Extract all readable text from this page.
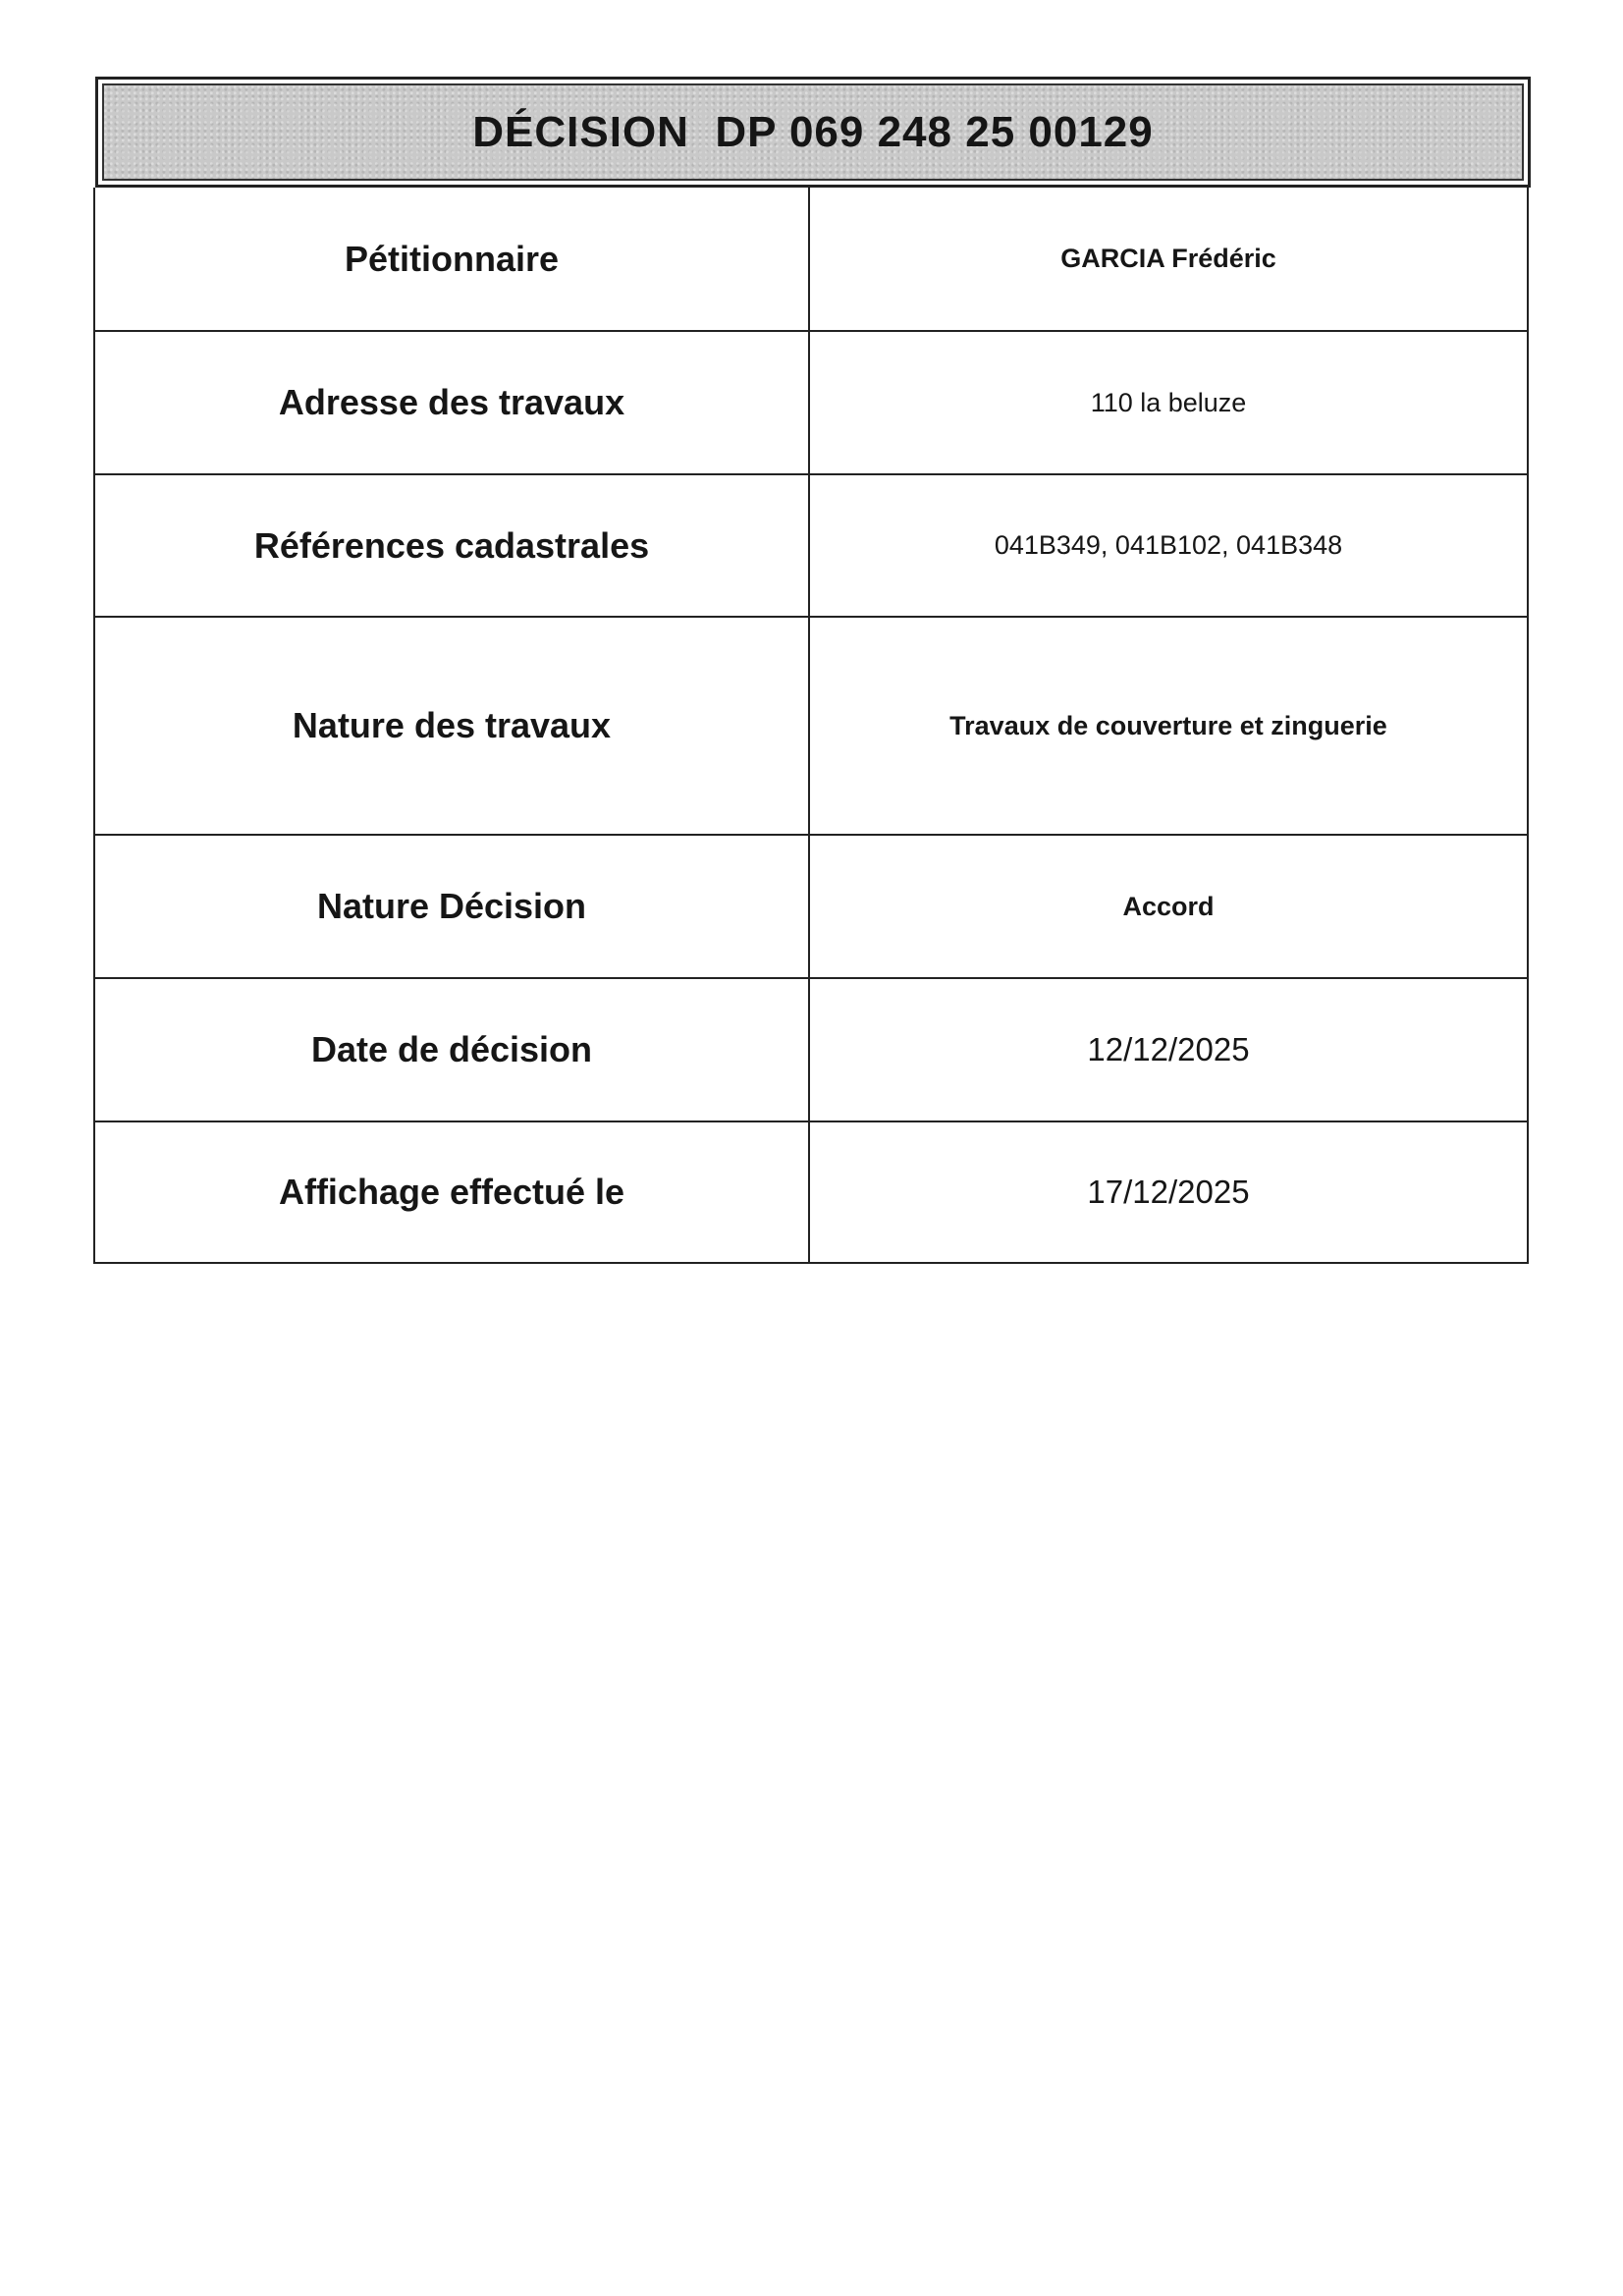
DÉCISION  DP 069 248 25 00129
Pétitionnaire	GARCIA Frédéric
Adresse des travaux	110 la beluze
Références cadastrales	041B349, 041B102, 041B348
Nature des travaux	Travaux de couverture et zinguerie
Nature Décision	Accord
Date de décision	12/12/2025
Affichage effectué le	17/12/2025
